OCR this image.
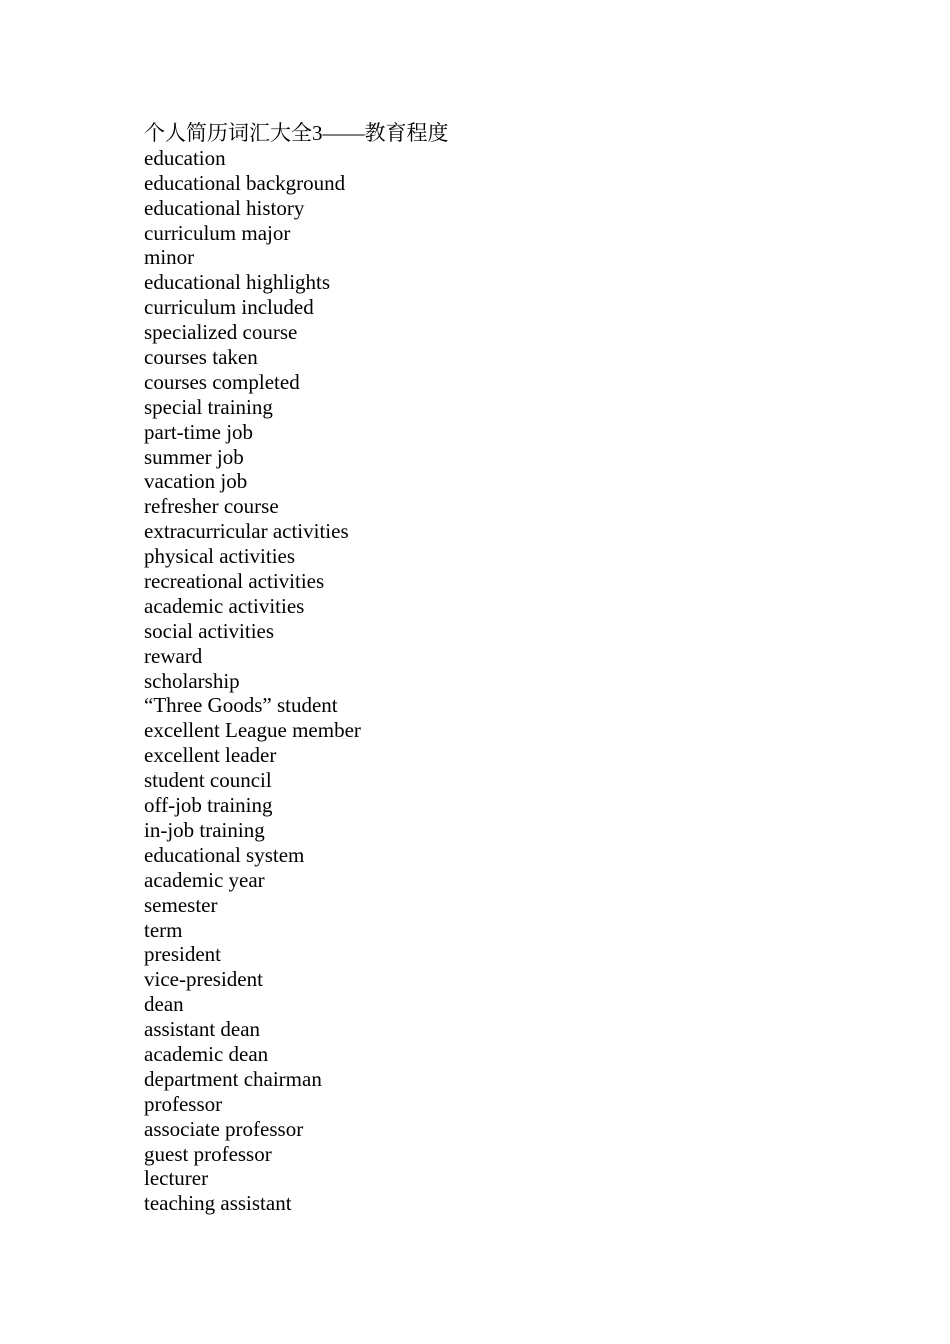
个人简历词汇大全3——教育程度
education
educational background
educational history
curriculum major
minor
educational highlights
curriculum included
specialized course
courses taken
courses completed
special training
part-time job
summer job
vacation job
refresher course
extracurricular activities
physical activities
recreational activities
academic activities
social activities
reward
scholarship
“Three Goods” student
excellent League member
excellent leader
student council
off-job training
in-job training
educational system
academic year
semester
term
president
vice-president
dean
assistant dean
academic dean
department chairman
professor
associate professor
guest professor
lecturer
teaching assistant
